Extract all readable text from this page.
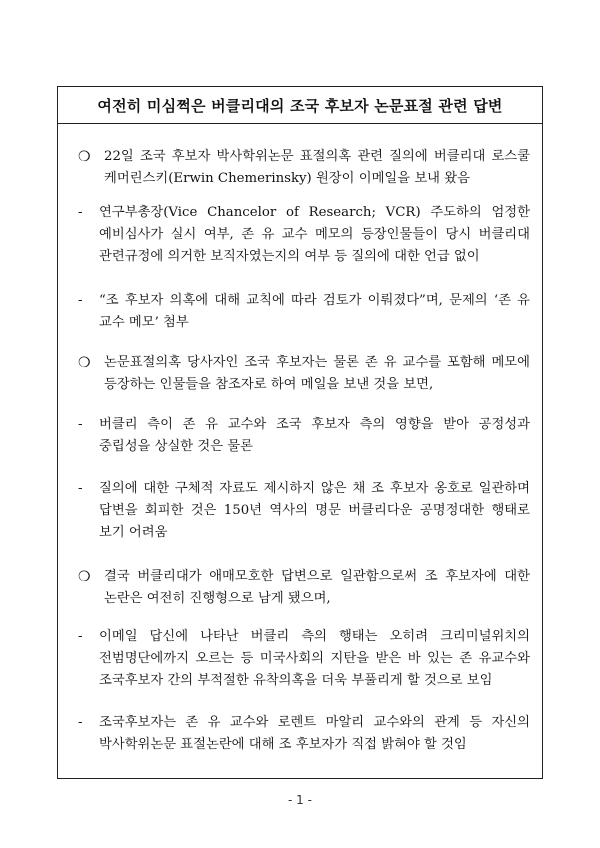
여전히 미심쩍은 버클리대의 조국 후보자 논문표절 관련 답변
❍	22일 조국 후보자 박사학위논문 표절의혹 관련 질의에 버클리대 로스쿨 케머린스키(Erwin Chemerinsky) 원장이 이메일을 보내 왔음
-	연구부총장(Vice Chancelor of Research; VCR) 주도하의 엄정한 예비심사가 실시 여부, 존 유 교수 메모의 등장인물들이 당시 버클리대 관련규정에 의거한 보직자였는지의 여부 등 질의에 대한 언급 없이
-	“조 후보자 의혹에 대해 교칙에 따라 검토가 이뤄졌다”며, 문제의 ‘존 유 교수 메모’ 첨부
❍	논문표절의혹 당사자인 조국 후보자는 물론 존 유 교수를 포함해 메모에 등장하는 인물들을 참조자로 하여 메일을 보낸 것을 보면,
-	버클리 측이 존 유 교수와 조국 후보자 측의 영향을 받아 공정성과 중립성을 상실한 것은 물론
-	질의에 대한 구체적 자료도 제시하지 않은 채 조 후보자 옹호로 일관하며 답변을 회피한 것은 150년 역사의 명문 버클리다운 공명정대한 행태로 보기 어려움
❍	결국 버클리대가 애매모호한 답변으로 일관함으로써 조 후보자에 대한 논란은 여전히 진행형으로 남게 됐으며,
-	이메일 답신에 나타난 버클리 측의 행태는 오히려 크리미널위치의 전범명단에까지 오르는 등 미국사회의 지탄을 받은 바 있는 존 유교수와 조국후보자 간의 부적절한 유착의혹을 더욱 부풀리게 할 것으로 보임
-	조국후보자는 존 유 교수와 로렌트 마알리 교수와의 관계 등 자신의 박사학위논문 표절논란에 대해 조 후보자가 직접 밝혀야 할 것임
- 1 -
